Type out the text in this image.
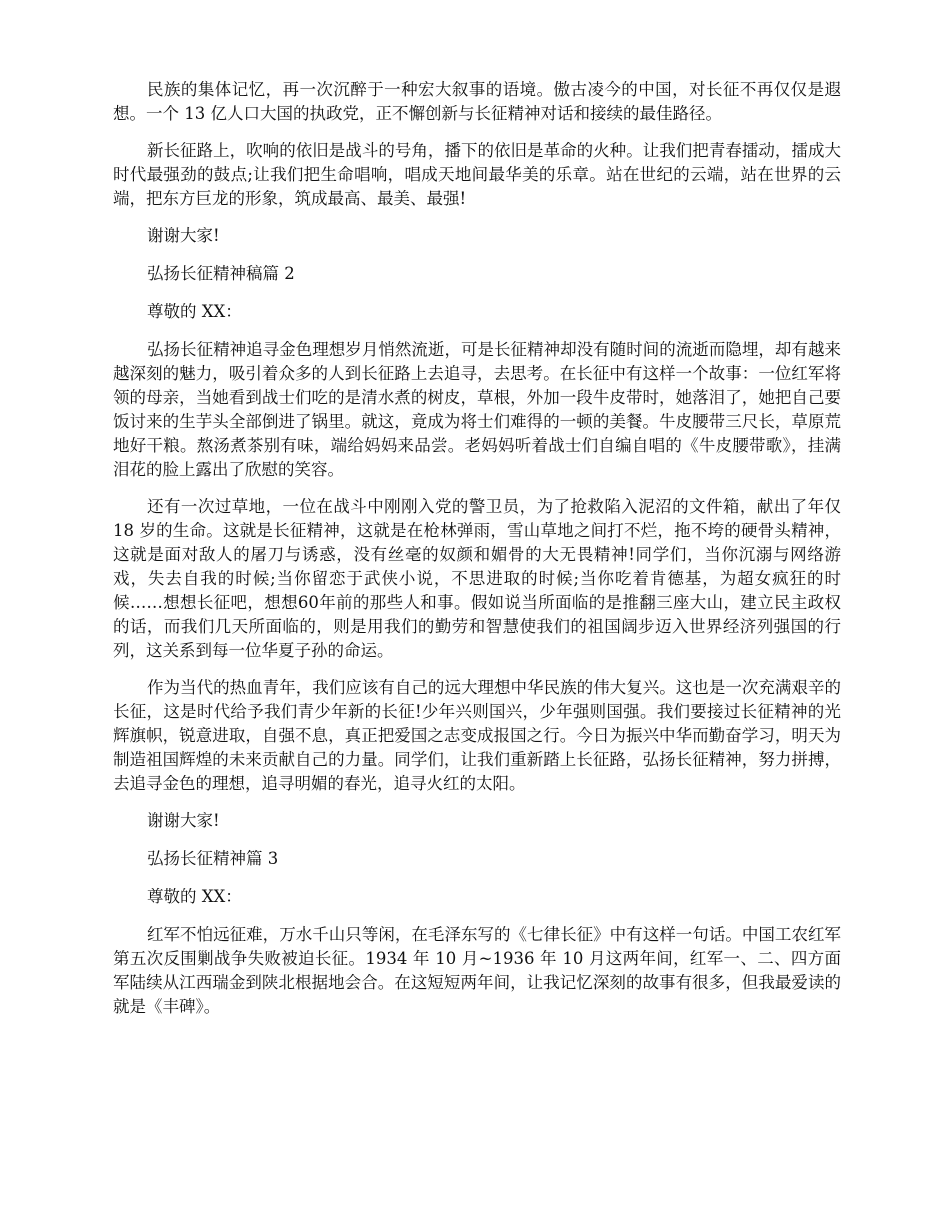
民族的集体记忆，再一次沉醉于一种宏大叙事的语境。傲古凌今的中国，对长征不再仅仅是遐想。一个 13 亿人口大国的执政党，正不懈创新与长征精神对话和接续的最佳路径。

新长征路上，吹响的依旧是战斗的号角，播下的依旧是革命的火种。让我们把青春擂动，擂成大时代最强劲的鼓点;让我们把生命唱响，唱成天地间最华美的乐章。站在世纪的云端，站在世界的云端，把东方巨龙的形象，筑成最高、最美、最强!

谢谢大家!

弘扬长征精神稿篇 2

尊敬的 XX：

弘扬长征精神追寻金色理想岁月悄然流逝，可是长征精神却没有随时间的流逝而隐埋，却有越来越深刻的魅力，吸引着众多的人到长征路上去追寻，去思考。在长征中有这样一个故事：一位红军将领的母亲，当她看到战士们吃的是清水煮的树皮，草根，外加一段牛皮带时，她落泪了，她把自己要饭讨来的生芋头全部倒进了锅里。就这，竟成为将士们难得的一顿的美餐。牛皮腰带三尺长，草原荒地好干粮。熬汤煮茶别有味，端给妈妈来品尝。老妈妈听着战士们自编自唱的《牛皮腰带歌》，挂满泪花的脸上露出了欣慰的笑容。

还有一次过草地，一位在战斗中刚刚入党的警卫员，为了抢救陷入泥沼的文件箱，献出了年仅 18 岁的生命。这就是长征精神，这就是在枪林弹雨，雪山草地之间打不烂，拖不垮的硬骨头精神，这就是面对敌人的屠刀与诱惑，没有丝毫的奴颜和媚骨的大无畏精神!同学们，当你沉溺与网络游戏，失去自我的时候;当你留恋于武侠小说，不思进取的时候;当你吃着肯德基，为超女疯狂的时候……想想长征吧，想想60年前的那些人和事。假如说当所面临的是推翻三座大山，建立民主政权的话，而我们几天所面临的，则是用我们的勤劳和智慧使我们的祖国阔步迈入世界经济列强国的行列，这关系到每一位华夏子孙的命运。

作为当代的热血青年，我们应该有自己的远大理想中华民族的伟大复兴。这也是一次充满艰辛的长征，这是时代给予我们青少年新的长征!少年兴则国兴，少年强则国强。我们要接过长征精神的光辉旗帜，锐意进取，自强不息，真正把爱国之志变成报国之行。今日为振兴中华而勤奋学习，明天为制造祖国辉煌的未来贡献自己的力量。同学们，让我们重新踏上长征路，弘扬长征精神，努力拼搏，去追寻金色的理想，追寻明媚的春光，追寻火红的太阳。

谢谢大家!

弘扬长征精神篇 3

尊敬的 XX：

红军不怕远征难，万水千山只等闲，在毛泽东写的《七律长征》中有这样一句话。中国工农红军第五次反围剿战争失败被迫长征。1934 年 10 月~1936 年 10 月这两年间，红军一、二、四方面军陆续从江西瑞金到陕北根据地会合。在这短短两年间，让我记忆深刻的故事有很多，但我最爱读的就是《丰碑》。
